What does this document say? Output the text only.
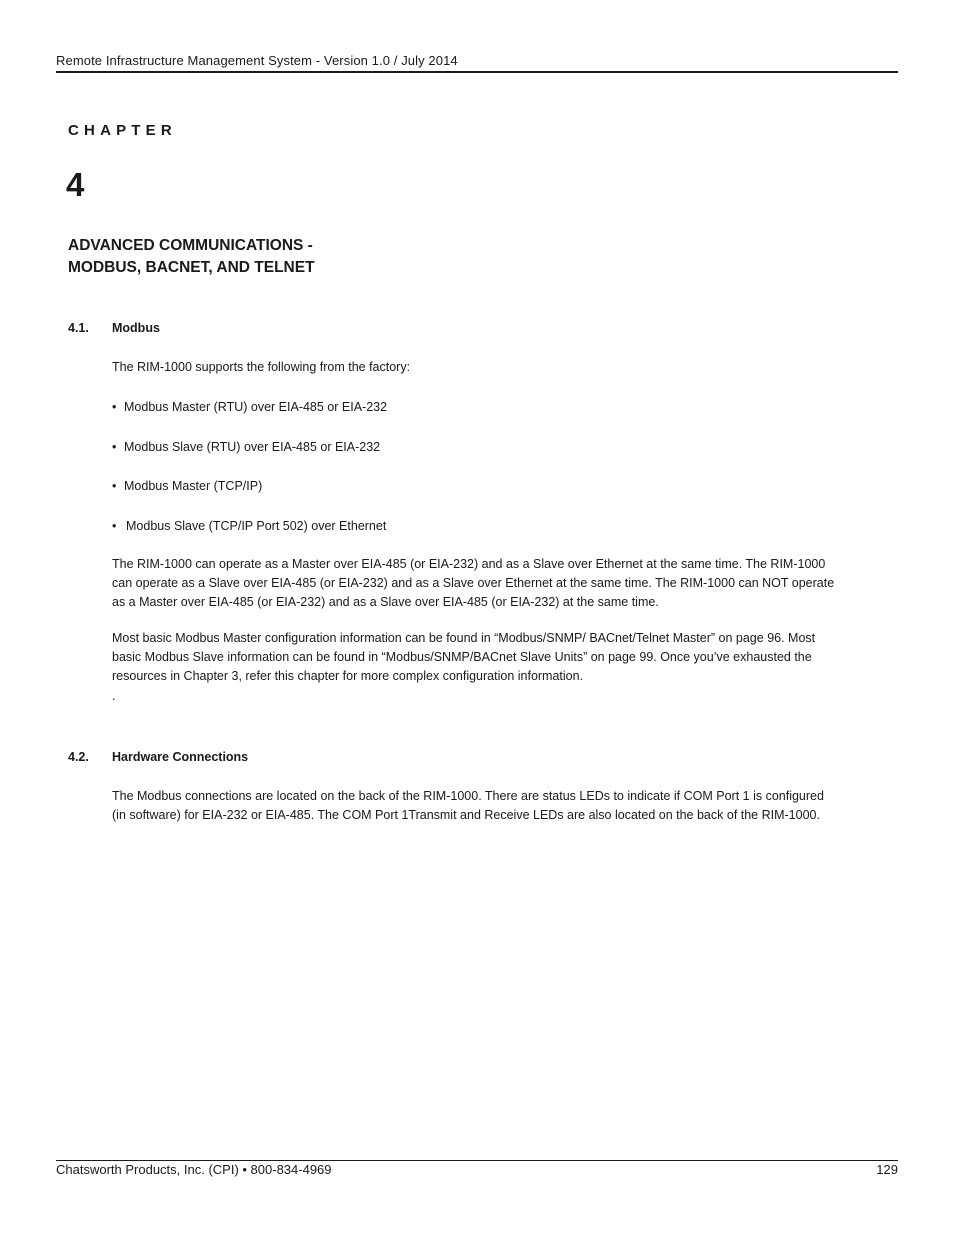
Remote Infrastructure Management System - Version 1.0 / July 2014
CHAPTER
4
ADVANCED COMMUNICATIONS -
MODBUS, BACNET, AND TELNET
4.1. Modbus
The RIM-1000 supports the following from the factory:
• Modbus Master (RTU) over EIA-485 or EIA-232
• Modbus Slave (RTU) over EIA-485 or EIA-232
• Modbus Master (TCP/IP)
• Modbus Slave (TCP/IP Port 502) over Ethernet
The RIM-1000 can operate as a Master over EIA-485 (or EIA-232) and as a Slave over Ethernet at the same time. The RIM-1000
can operate as a Slave over EIA-485 (or EIA-232) and as a Slave over Ethernet at the same time. The RIM-1000 can NOT operate
as a Master over EIA-485 (or EIA-232) and as a Slave over EIA-485 (or EIA-232) at the same time.
Most basic Modbus Master configuration information can be found in “Modbus/SNMP/ BACnet/Telnet Master” on page 96. Most
basic Modbus Slave information can be found in “Modbus/SNMP/BACnet Slave Units” on page 99. Once you’ve exhausted the
resources in Chapter 3, refer this chapter for more complex configuration information.
.
4.2. Hardware Connections
The Modbus connections are located on the back of the RIM-1000. There are status LEDs to indicate if COM Port 1 is configured
(in software) for EIA-232 or EIA-485. The COM Port 1Transmit and Receive LEDs are also located on the back of the RIM-1000.
Chatsworth Products, Inc. (CPI) • 800-834-4969	129
